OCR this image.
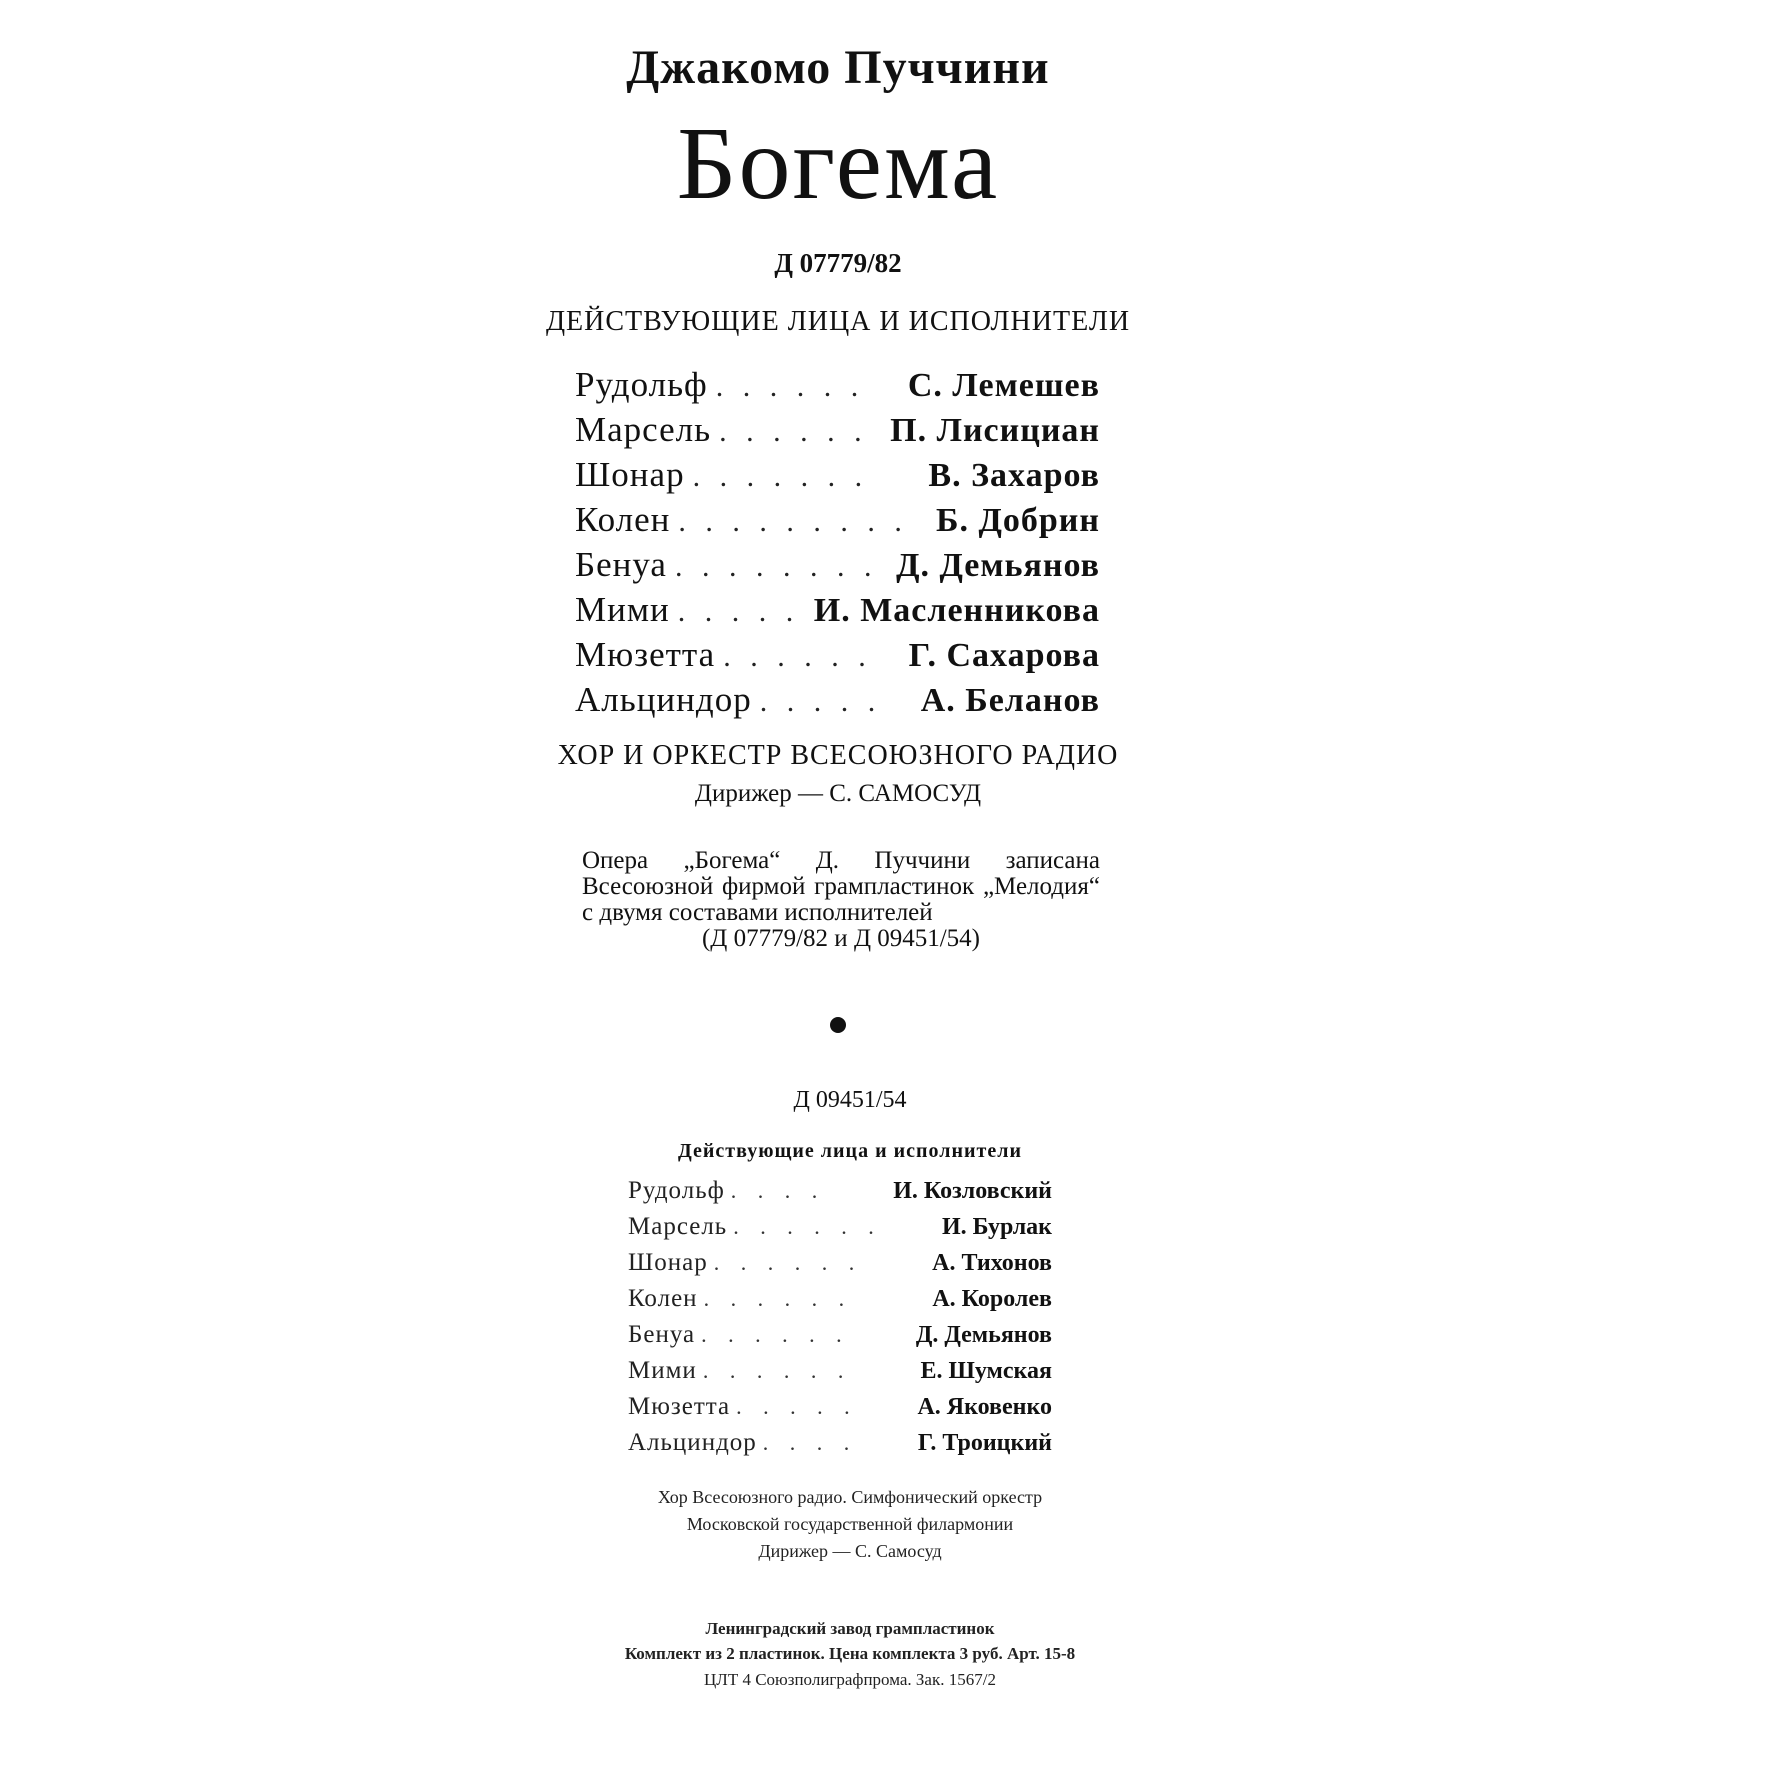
Джакомо Пуччини
Богема
Д 07779/82
ДЕЙСТВУЮЩИЕ ЛИЦА И ИСПОЛНИТЕЛИ
Рудольф . . . . . .	С. Лемешев
Марсель . . . . . . П. Лисициан
Шонар . . . . . . .	В. Захаров
Колен . . . . . . . . . Б. Добрин
Бенуа . . . . . . . . Д. Демьянов
Мими . . . . . И. Масленникова
Мюзетта . . . . . .	Г. Сахарова
Альциндор . . . . .	А. Беланов
ХОР И ОРКЕСТР ВСЕСОЮЗНОГО РАДИО
Дирижер — С. САМОСУД
Опера „Богема“ Д. Пуччини записана Всесоюзной фирмой грампластинок „Мелодия“ с двумя составами исполнителей
(Д 07779/82 и Д 09451/54)
Д 09451/54
Действующие лица и исполнители
Рудольф . . . .	И. Козловский
Марсель . . . . . .	И. Бурлак
Шонар . . . . . .	А. Тихонов
Колен . . . . . .	А. Королев
Бенуа . . . . . .	Д. Демьянов
Мими . . . . . .	Е. Шумская
Мюзетта . . . . .	А. Яковенко
Альциндор . . . .	Г. Троицкий
Хор Всесоюзного радио. Симфонический оркестр
Московской государственной филармонии
Дирижер — С. Самосуд
Ленинградский завод грампластинок
Комплект из 2 пластинок. Цена комплекта 3 руб. Арт. 15-8
ЦЛТ 4 Союзполиграфпрома. Зак. 1567/2
